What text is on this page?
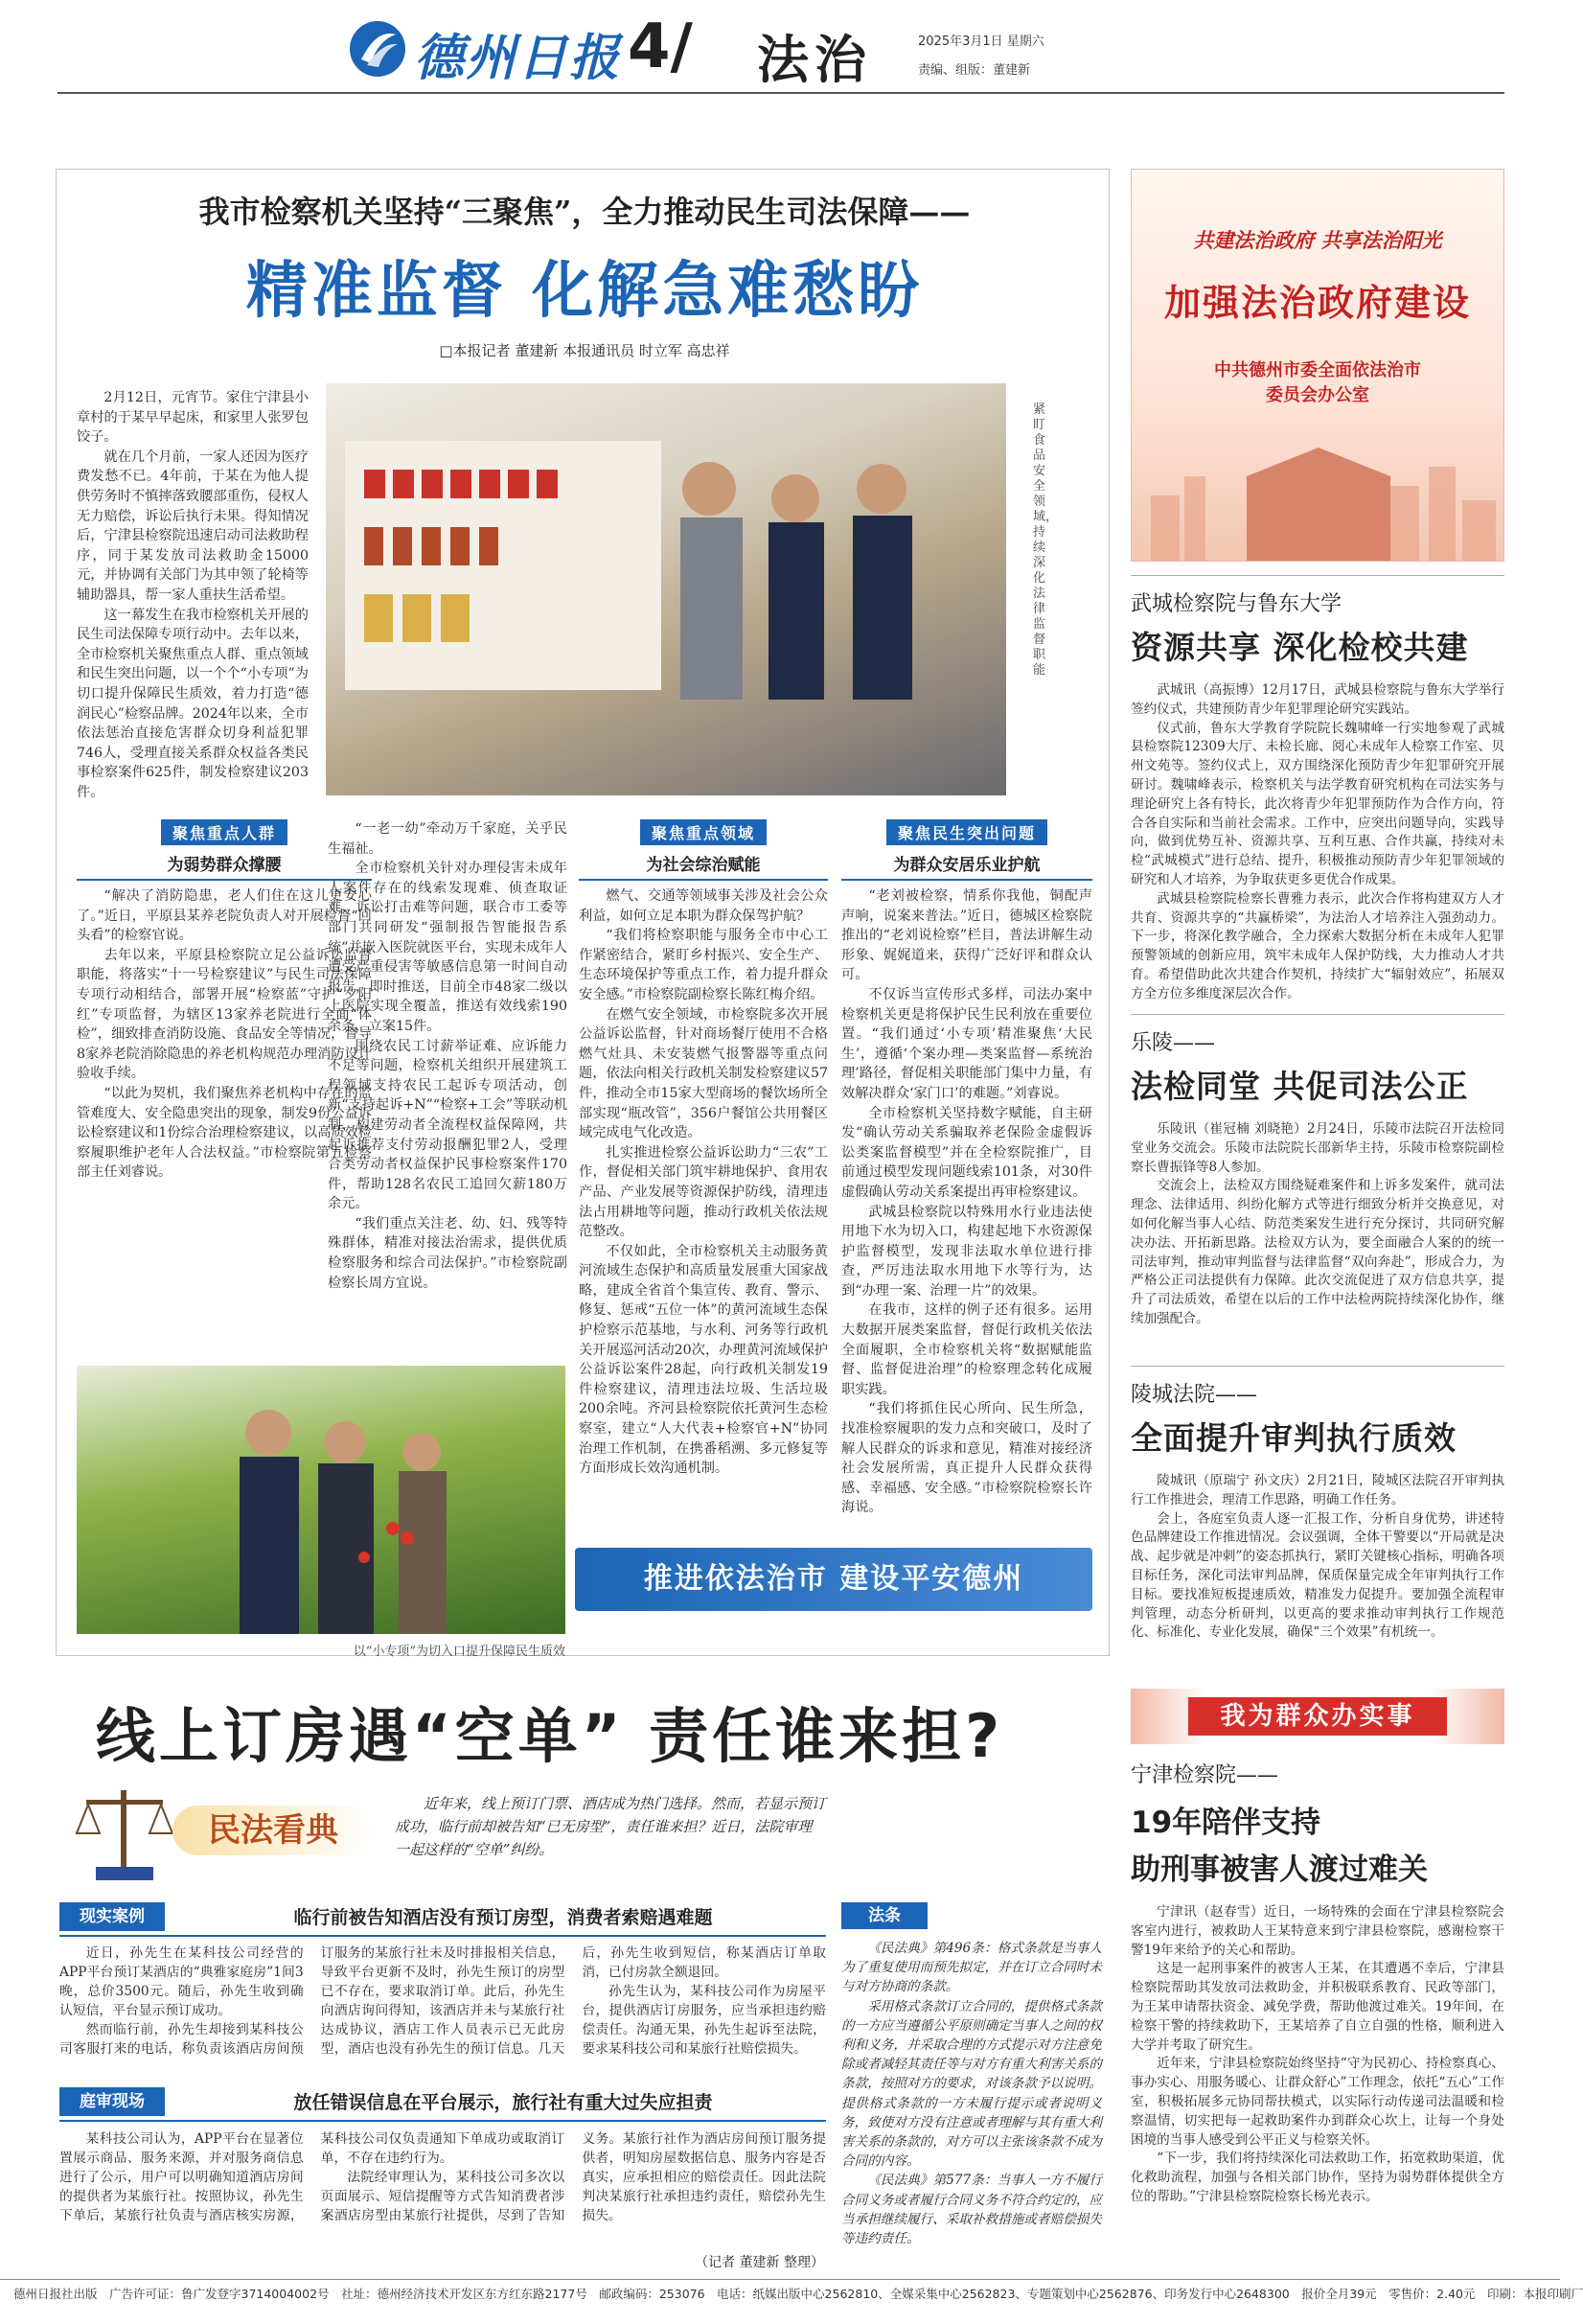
德州日报 4/ 法治	2025年3月1日 星期六
责编、组版：董建新
我市检察机关坚持“三聚焦”，全力推动民生司法保障——
精准监督 化解急难愁盼
□本报记者 董建新 本报通讯员 时立军 高忠祥

2月12日，元宵节。家住宁津县小章村的于某早早起床，和家里人张罗包饺子。

就在几个月前，一家人还因为医疗费发愁不已。4年前，于某在为他人提供劳务时不慎摔落致腰部重伤，侵权人无力赔偿，诉讼后执行未果。得知情况后，宁津县检察院迅速启动司法救助程序，同于某发放司法救助金15000元，并协调有关部门为其申领了轮椅等辅助器具，帮一家人重扶生活希望。

这一幕发生在我市检察机关开展的民生司法保障专项行动中。去年以来，全市检察机关聚焦重点人群、重点领域和民生突出问题，以一个个“小专项”为切口提升保障民生质效，着力打造“德润民心”检察品牌。2024年以来，全市依法惩治直接危害群众切身利益犯罪746人，受理直接关系群众权益各类民事检察案件625件，制发检察建议203件。

紧盯食品安全领域，持续深化法律监督职能
聚焦重点人群
为弱势群众撑腰

“解决了消防隐患，老人们住在这儿更安心了。”近日，平原县某养老院负责人对开展检督“回头看”的检察官说。

去年以来，平原县检察院立足公益诉讼监督职能，将落实“十一号检察建议”与民生司法保障专项行动相结合，部署开展“检察蓝”守护“夕阳红”专项监督，为辖区13家养老院进行全面“体检”，细致排查消防设施、食品安全等情况，督导8家养老院消除隐患的养老机构规范办理消防设计验收手续。

“以此为契机，我们聚焦养老机构中存在的监管难度大、安全隐患突出的现象，制发9份公益诉讼检察建议和1份综合治理检察建议，以高质效检察履职维护老年人合法权益。”市检察院第五检察部主任刘睿说。

“一老一幼”牵动万千家庭，关乎民生福祉。

全市检察机关针对办理侵害未成年人案件存在的线索发现难、侦查取证难、诉讼打击难等问题，联合市工委等部门共同研发“强制报告智能报告系统”并嵌入医院就医平台，实现未成年人遭受严重侵害等敏感信息第一时间自动报告，即时推送，目前全市48家二级以上医院实现全覆盖，推送有效线索190余条，立案15件。

围绕农民工讨薪举证难、应诉能力不足等问题，检察机关组织开展建筑工程领域支持农民工起诉专项活动，创新“支持起诉+N”“检察+工会”等联动机制，构建劳动者全流程权益保障网，共起诉推荐支付劳动报酬犯罪2人，受理合类劳动者权益保护民事检察案件170件，帮助128名农民工追回欠薪180万余元。

“我们重点关注老、幼、妇、残等特殊群体，精准对接法治需求，提供优质检察服务和综合司法保护。”市检察院副检察长周方宜说。

聚焦重点领域
为社会综治赋能

燃气、交通等领域事关涉及社会公众利益，如何立足本职为群众保驾护航？

“我们将检察职能与服务全市中心工作紧密结合，紧盯乡村振兴、安全生产、生态环境保护等重点工作，着力提升群众安全感。”市检察院副检察长陈红梅介绍。

在燃气安全领域，市检察院多次开展公益诉讼监督，针对商场餐厅使用不合格燃气灶具、未安装燃气报警器等重点问题，依法向相关行政机关制发检察建议57件，推动全市15家大型商场的餐饮场所全部实现“瓶改管”，356户餐馆公共用餐区域完成电气化改造。

扎实推进检察公益诉讼助力“三农”工作，督促相关部门筑牢耕地保护、食用农产品、产业发展等资源保护防线，清理违法占用耕地等问题，推动行政机关依法规范整改。

不仅如此，全市检察机关主动服务黄河流域生态保护和高质量发展重大国家战略，建成全省首个集宣传、教育、警示、修复、惩戒“五位一体”的黄河流域生态保护检察示范基地，与水利、河务等行政机关开展巡河活动20次，办理黄河流域保护公益诉讼案件28起，向行政机关制发19件检察建议，清理违法垃圾、生活垃圾200余吨。齐河县检察院依托黄河生态检察室，建立“人大代表+检察官+N”协同治理工作机制，在携番稻溯、多元修复等方面形成长效沟通机制。

聚焦民生突出问题
为群众安居乐业护航

“老刘被检察，情系你我他，铜配声声响，说案来普法。”近日，德城区检察院推出的“老刘说检察”栏目，普法讲解生动形象、娓娓道来，获得广泛好评和群众认可。

不仅诉当宣传形式多样，司法办案中检察机关更是将保护民生民利放在重要位置。“我们通过‘小专项’精准聚焦‘大民生’，遵循‘个案办理—类案监督—系统治理’路径，督促相关职能部门集中力量，有效解决群众‘家门口’的难题。”刘睿说。

全市检察机关坚持数字赋能，自主研发“确认劳动关系骗取养老保险金虚假诉讼类案监督模型”并在全检察院推广，目前通过模型发现问题线索101条，对30件虚假确认劳动关系案提出再审检察建议。

武城县检察院以特殊用水行业违法使用地下水为切入口，构建起地下水资源保护监督模型，发现非法取水单位进行排查，严厉违法取水用地下水等行为，达到“办理一案、治理一片”的效果。

在我市，这样的例子还有很多。运用大数据开展类案监督，督促行政机关依法全面履职，全市检察机关将“数据赋能监督、监督促进治理”的检察理念转化成履职实践。

“我们将抓住民心所向、民生所急，找准检察履职的发力点和突破口，及时了解人民群众的诉求和意见，精准对接经济社会发展所需，真正提升人民群众获得感、幸福感、安全感。”市检察院检察长许海说。

以“小专项”为切入口提升保障民生质效
推进依法治市 建设平安德州
共建法治政府 共享法治阳光
加强法治政府建设
中共德州市委全面依法治市委员会办公室
武城检察院与鲁东大学
资源共享 深化检校共建

武城讯（高振博）12月17日，武城县检察院与鲁东大学举行签约仪式，共建预防青少年犯罪理论研究实践站。

仪式前，鲁东大学教育学院院长魏啸峰一行实地参观了武城县检察院12309大厅、未检长廊、阅心未成年人检察工作室、贝州文苑等。签约仪式上，双方围绕深化预防青少年犯罪研究开展研讨。魏啸峰表示，检察机关与法学教育研究机构在司法实务与理论研究上各有特长，此次将青少年犯罪预防作为合作方向，符合各自实际和当前社会需求。工作中，应突出问题导向，实践导向，做到优势互补、资源共享、互利互惠、合作共赢，持续对未检“武城模式”进行总结、提升，积极推动预防青少年犯罪领域的研究和人才培养，为争取获更多更优合作成果。

武城县检察院检察长曹雅力表示，此次合作将构建双方人才共育、资源共享的“共赢桥梁”，为法治人才培养注入强劲动力。下一步，将深化教学融合，全力探索大数据分析在未成年人犯罪预警领域的创新应用，筑牢未成年人保护防线，大力推动人才共育。希望借助此次共建合作契机，持续扩大“辐射效应”，拓展双方全方位多维度深层次合作。

乐陵——
法检同堂 共促司法公正

乐陵讯（崔冠楠 刘晓艳）2月24日，乐陵市法院召开法检同堂业务交流会。乐陵市法院院长邵新华主持，乐陵市检察院副检察长曹振锋等8人参加。

交流会上，法检双方围绕疑难案件和上诉多发案件，就司法理念、法律适用、纠纷化解方式等进行细致分析并交换意见，对如何化解当事人心结、防范类案发生进行充分探讨，共同研究解决办法、开拓新思路。法检双方认为，要全面融合人案的的统一司法审判，推动审判监督与法律监督“双向奔赴”，形成合力，为严格公正司法提供有力保障。此次交流促进了双方信息共享，提升了司法质效，希望在以后的工作中法检两院持续深化协作，继续加强配合。

陵城法院——
全面提升审判执行质效

陵城讯（原瑞宁 孙文庆）2月21日，陵城区法院召开审判执行工作推进会，理清工作思路，明确工作任务。

会上，各庭室负责人逐一汇报工作，分析自身优势，讲述特色品牌建设工作推进情况。会议强调，全体干警要以“开局就是决战、起步就是冲刺”的姿态抓执行，紧盯关键核心指标，明确各项目标任务，深化司法审判品牌，保质保量完成全年审判执行工作目标。要找准短板提速质效，精准发力促提升。要加强全流程审判管理，动态分析研判，以更高的要求推动审判执行工作规范化、标准化、专业化发展，确保“三个效果”有机统一。

我为群众办实事
宁津检察院——
19年陪伴支持
助刑事被害人渡过难关

宁津讯（赵春雪）近日，一场特殊的会面在宁津县检察院会客室内进行，被救助人王某特意来到宁津县检察院，感谢检察干警19年来给予的关心和帮助。

这是一起刑事案件的被害人王某，在其遭遇不幸后，宁津县检察院帮助其发放司法救助金，并积极联系教育、民政等部门，为王某申请帮扶资金、减免学费，帮助他渡过难关。19年间，在检察干警的持续救助下，王某培养了自立自强的性格，顺利进入大学并考取了研究生。

近年来，宁津县检察院始终坚持“守为民初心、持检察真心、事办实心、用服务暖心、让群众舒心”工作理念，依托“五心”工作室，积极拓展多元协同帮扶模式，以实际行动传递司法温暖和检察温情，切实把每一起救助案件办到群众心坎上，让每一个身处困境的当事人感受到公平正义与检察关怀。

“下一步，我们将持续深化司法救助工作，拓宽救助渠道，优化救助流程，加强与各相关部门协作，坚持为弱势群体提供全方位的帮助。”宁津县检察院检察长杨光表示。

线上订房遇“空单” 责任谁来担?
民法看典
近年来，线上预订门票、酒店成为热门选择。然而，若显示预订成功，临行前却被告知“已无房型”，责任谁来担？近日，法院审理一起这样的“空单”纠纷。
现实案例	临行前被告知酒店没有预订房型，消费者索赔遇难题

近日，孙先生在某科技公司经营的APP平台预订某酒店的“典雅家庭房”1间3晚，总价3500元。随后，孙先生收到确认短信，平台显示预订成功。

然而临行前，孙先生却接到某科技公司客服打来的电话，称负责该酒店房间预订服务的某旅行社未及时排报相关信息，导致平台更新不及时，孙先生预订的房型已不存在，要求取消订单。此后，孙先生向酒店询问得知，该酒店并未与某旅行社达成协议，酒店工作人员表示已无此房型，酒店也没有孙先生的预订信息。几天后，孙先生收到短信，称某酒店订单取消，已付房款全额退回。

孙先生认为，某科技公司作为房屋平台，提供酒店订房服务，应当承担违约赔偿责任。沟通无果，孙先生起诉至法院，要求某科技公司和某旅行社赔偿损失。

庭审现场	放任错误信息在平台展示，旅行社有重大过失应担责

某科技公司认为，APP平台在显著位置展示商品、服务来源，并对服务商信息进行了公示，用户可以明确知道酒店房间的提供者为某旅行社。按照协议，孙先生下单后，某旅行社负责与酒店核实房源，某科技公司仅负责通知下单成功或取消订单，不存在违约行为。

法院经审理认为，某科技公司多次以页面展示、短信提醒等方式告知消费者涉案酒店房型由某旅行社提供，尽到了告知义务。某旅行社作为酒店房间预订服务提供者，明知房屋数据信息、服务内容是否真实，应承担相应的赔偿责任。因此法院判决某旅行社承担违约责任，赔偿孙先生损失。

（记者 董建新 整理）
法条

《民法典》第496条：格式条款是当事人为了重复使用而预先拟定，并在订立合同时未与对方协商的条款。

采用格式条款订立合同的，提供格式条款的一方应当遵循公平原则确定当事人之间的权利和义务，并采取合理的方式提示对方注意免除或者减轻其责任等与对方有重大利害关系的条款，按照对方的要求，对该条款予以说明。提供格式条款的一方未履行提示或者说明义务，致使对方没有注意或者理解与其有重大利害关系的条款的，对方可以主张该条款不成为合同的内容。

《民法典》第577条：当事人一方不履行合同义务或者履行合同义务不符合约定的，应当承担继续履行、采取补救措施或者赔偿损失等违约责任。

德州日报社出版　广告许可证：鲁广发登字3714004002号　社址：德州经济技术开发区东方红东路2177号　邮政编码：253076　电话：纸媒出版中心2562810、全媒采集中心2562823、专题策划中心2562876、印务发行中心2648300　报价全月39元　零售价：2.40元　印刷：本报印刷厂
